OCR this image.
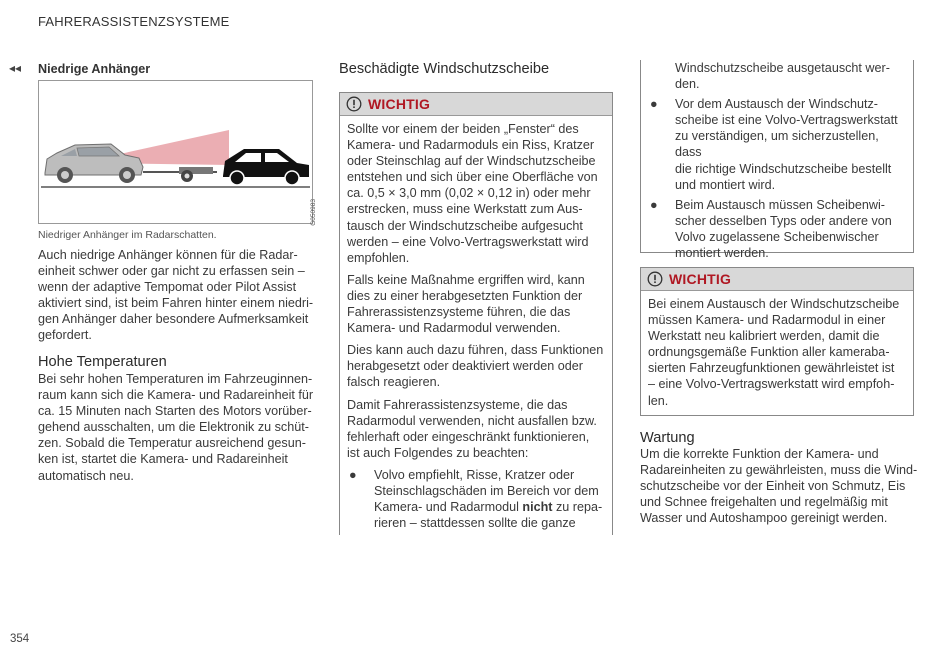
FAHRERASSISTENZSYSTEME
◂◂ Niedrige Anhänger
G050983
Niedriger Anhänger im Radarschatten.

Auch niedrige Anhänger können für die Radar-

einheit schwer oder gar nicht zu erfassen sein –

wenn der adaptive Tempomat oder Pilot Assist

aktiviert sind, ist beim Fahren hinter einem niedri-

gen Anhänger daher besondere Aufmerksamkeit

gefordert.

Hohe Temperaturen

Bei sehr hohen Temperaturen im Fahrzeuginnen-

raum kann sich die Kamera- und Radareinheit für

ca. 15 Minuten nach Starten des Motors vorüber-

gehend ausschalten, um die Elektronik zu schüt-

zen. Sobald die Temperatur ausreichend gesun-

ken ist, startet die Kamera- und Radareinheit

automatisch neu.

Beschädigte Windschutzscheibe
WICHTIG

Sollte vor einem der beiden „Fenster“ des

Kamera- und Radarmoduls ein Riss, Kratzer

oder Steinschlag auf der Windschutzscheibe

entstehen und sich über eine Oberfläche von

ca. 0,5 × 3,0 mm (0,02 × 0,12 in) oder mehr

erstrecken, muss eine Werkstatt zum Aus-

tausch der Windschutzscheibe aufgesucht

werden – eine Volvo-Vertragswerkstatt wird

empfohlen.

Falls keine Maßnahme ergriffen wird, kann

dies zu einer herabgesetzten Funktion der

Fahrerassistenzsysteme führen, die das

Kamera- und Radarmodul verwenden.

Dies kann auch dazu führen, dass Funktionen

herabgesetzt oder deaktiviert werden oder

falsch reagieren.

Damit Fahrerassistenzsysteme, die das

Radarmodul verwenden, nicht ausfallen bzw.

fehlerhaft oder eingeschränkt funktionieren,

ist auch Folgendes zu beachten:

●	Volvo empfiehlt, Risse, Kratzer oder

Steinschlagschäden im Bereich vor dem

Kamera- und Radarmodul nicht zu repa-

rieren – stattdessen sollte die ganze

Windschutzscheibe ausgetauscht wer-

den.

●	Vor dem Austausch der Windschutz-

scheibe ist eine Volvo-Vertragswerkstatt

zu verständigen, um sicherzustellen, dass

die richtige Windschutzscheibe bestellt

und montiert wird.

●	Beim Austausch müssen Scheibenwi-

scher desselben Typs oder andere von

Volvo zugelassene Scheibenwischer

montiert werden.

WICHTIG

Bei einem Austausch der Windschutzscheibe

müssen Kamera- und Radarmodul in einer

Werkstatt neu kalibriert werden, damit die

ordnungsgemäße Funktion aller kameraba-

sierten Fahrzeugfunktionen gewährleistet ist

– eine Volvo-Vertragswerkstatt wird empfoh-

len.

Wartung

Um die korrekte Funktion der Kamera- und

Radareinheiten zu gewährleisten, muss die Wind-

schutzscheibe vor der Einheit von Schmutz, Eis

und Schnee freigehalten und regelmäßig mit

Wasser und Autoshampoo gereinigt werden.

354
